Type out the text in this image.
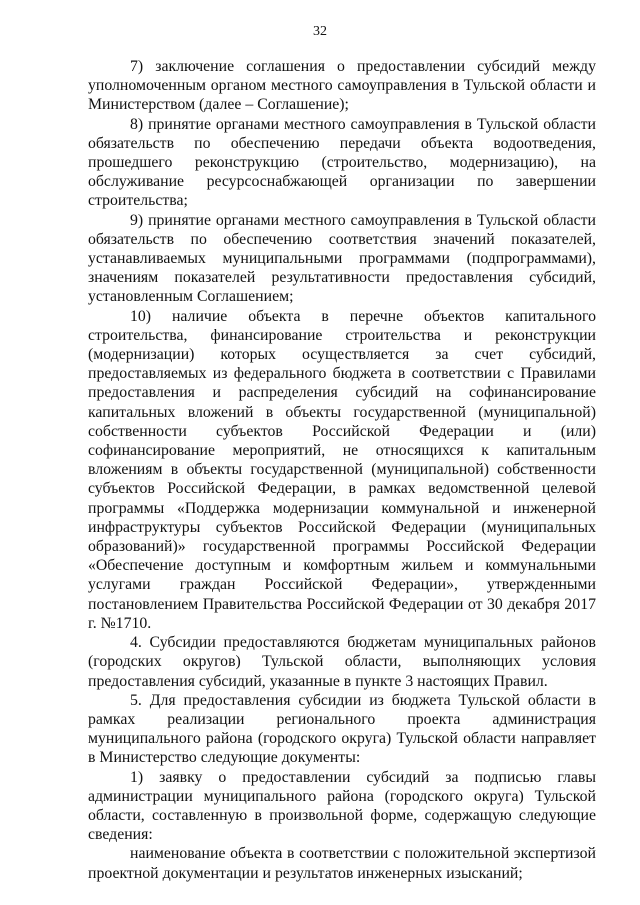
32

7) заключение соглашения о предоставлении субсидий между уполномоченным органом местного самоуправления в Тульской области и Министерством (далее – Соглашение);

8) принятие органами местного самоуправления в Тульской области обязательств по обеспечению передачи объекта водоотведения, прошедшего реконструкцию (строительство, модернизацию), на обслуживание ресурсоснабжающей организации по завершении строительства;

9) принятие органами местного самоуправления в Тульской области обязательств по обеспечению соответствия значений показателей, устанавливаемых муниципальными программами (подпрограммами), значениям показателей результативности предоставления субсидий, установленным Соглашением;

10) наличие объекта в перечне объектов капитального строительства, финансирование строительства и реконструкции (модернизации) которых осуществляется за счет субсидий, предоставляемых из федерального бюджета в соответствии с Правилами предоставления и распределения субсидий на софинансирование капитальных вложений в объекты государственной (муниципальной) собственности субъектов Российской Федерации и (или) софинансирование мероприятий, не относящихся к капитальным вложениям в объекты государственной (муниципальной) собственности субъектов Российской Федерации, в рамках ведомственной целевой программы «Поддержка модернизации коммунальной и инженерной инфраструктуры субъектов Российской Федерации (муниципальных образований)» государственной программы Российской Федерации «Обеспечение доступным и комфортным жильем и коммунальными услугами граждан Российской Федерации», утвержденными постановлением Правительства Российской Федерации от 30 декабря 2017 г. №1710.

4. Субсидии предоставляются бюджетам муниципальных районов (городских округов) Тульской области, выполняющих условия предоставления субсидий, указанные в пункте 3 настоящих Правил.

5. Для предоставления субсидии из бюджета Тульской области в рамках реализации регионального проекта администрация муниципального района (городского округа) Тульской области направляет в Министерство следующие документы:

1) заявку о предоставлении субсидий за подписью главы администрации муниципального района (городского округа) Тульской области, составленную в произвольной форме, содержащую следующие сведения:

наименование объекта в соответствии с положительной экспертизой проектной документации и результатов инженерных изысканий;
